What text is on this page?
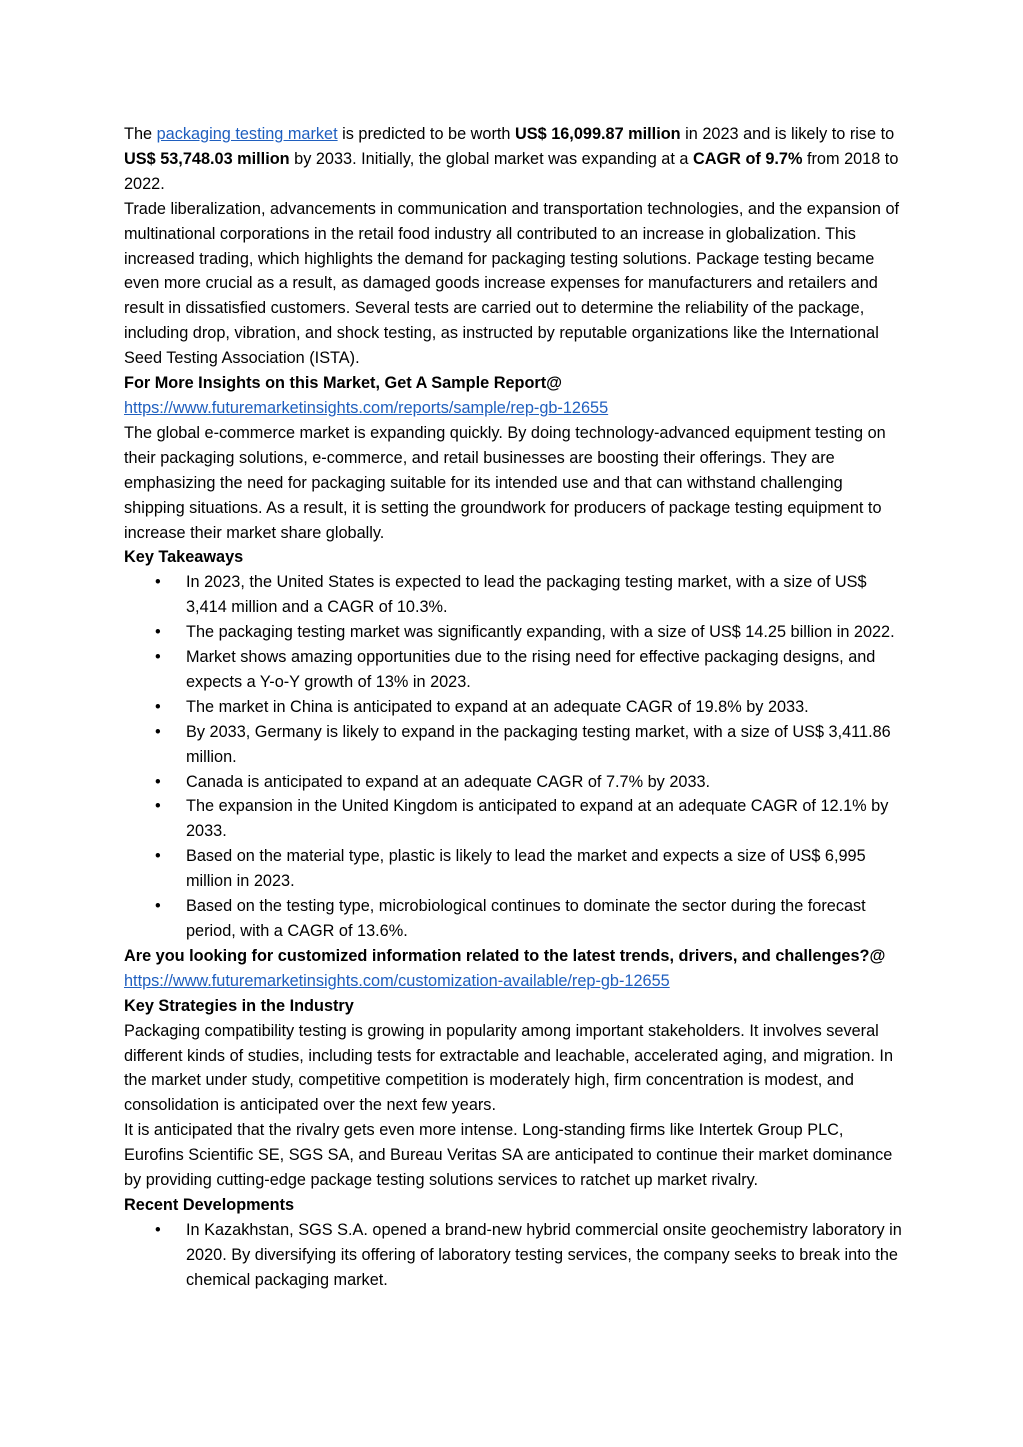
The packaging testing market is predicted to be worth US$ 16,099.87 million in 2023 and is likely to rise to US$ 53,748.03 million by 2033. Initially, the global market was expanding at a CAGR of 9.7% from 2018 to 2022.

Trade liberalization, advancements in communication and transportation technologies, and the expansion of multinational corporations in the retail food industry all contributed to an increase in globalization. This increased trading, which highlights the demand for packaging testing solutions. Package testing became even more crucial as a result, as damaged goods increase expenses for manufacturers and retailers and result in dissatisfied customers. Several tests are carried out to determine the reliability of the package, including drop, vibration, and shock testing, as instructed by reputable organizations like the International Seed Testing Association (ISTA).

For More Insights on this Market, Get A Sample Report@ https://www.futuremarketinsights.com/reports/sample/rep-gb-12655

The global e-commerce market is expanding quickly. By doing technology-advanced equipment testing on their packaging solutions, e-commerce, and retail businesses are boosting their offerings. They are emphasizing the need for packaging suitable for its intended use and that can withstand challenging shipping situations. As a result, it is setting the groundwork for producers of package testing equipment to increase their market share globally.

Key Takeaways

• In 2023, the United States is expected to lead the packaging testing market, with a size of US$ 3,414 million and a CAGR of 10.3%.
• The packaging testing market was significantly expanding, with a size of US$ 14.25 billion in 2022.
• Market shows amazing opportunities due to the rising need for effective packaging designs, and expects a Y-o-Y growth of 13% in 2023.
• The market in China is anticipated to expand at an adequate CAGR of 19.8% by 2033.
• By 2033, Germany is likely to expand in the packaging testing market, with a size of US$ 3,411.86 million.
• Canada is anticipated to expand at an adequate CAGR of 7.7% by 2033.
• The expansion in the United Kingdom is anticipated to expand at an adequate CAGR of 12.1% by 2033.
• Based on the material type, plastic is likely to lead the market and expects a size of US$ 6,995 million in 2023.
• Based on the testing type, microbiological continues to dominate the sector during the forecast period, with a CAGR of 13.6%.

Are you looking for customized information related to the latest trends, drivers, and challenges?@ https://www.futuremarketinsights.com/customization-available/rep-gb-12655

Key Strategies in the Industry

Packaging compatibility testing is growing in popularity among important stakeholders. It involves several different kinds of studies, including tests for extractable and leachable, accelerated aging, and migration. In the market under study, competitive competition is moderately high, firm concentration is modest, and consolidation is anticipated over the next few years.

It is anticipated that the rivalry gets even more intense. Long-standing firms like Intertek Group PLC, Eurofins Scientific SE, SGS SA, and Bureau Veritas SA are anticipated to continue their market dominance by providing cutting-edge package testing solutions services to ratchet up market rivalry.

Recent Developments

• In Kazakhstan, SGS S.A. opened a brand-new hybrid commercial onsite geochemistry laboratory in 2020. By diversifying its offering of laboratory testing services, the company seeks to break into the chemical packaging market.
